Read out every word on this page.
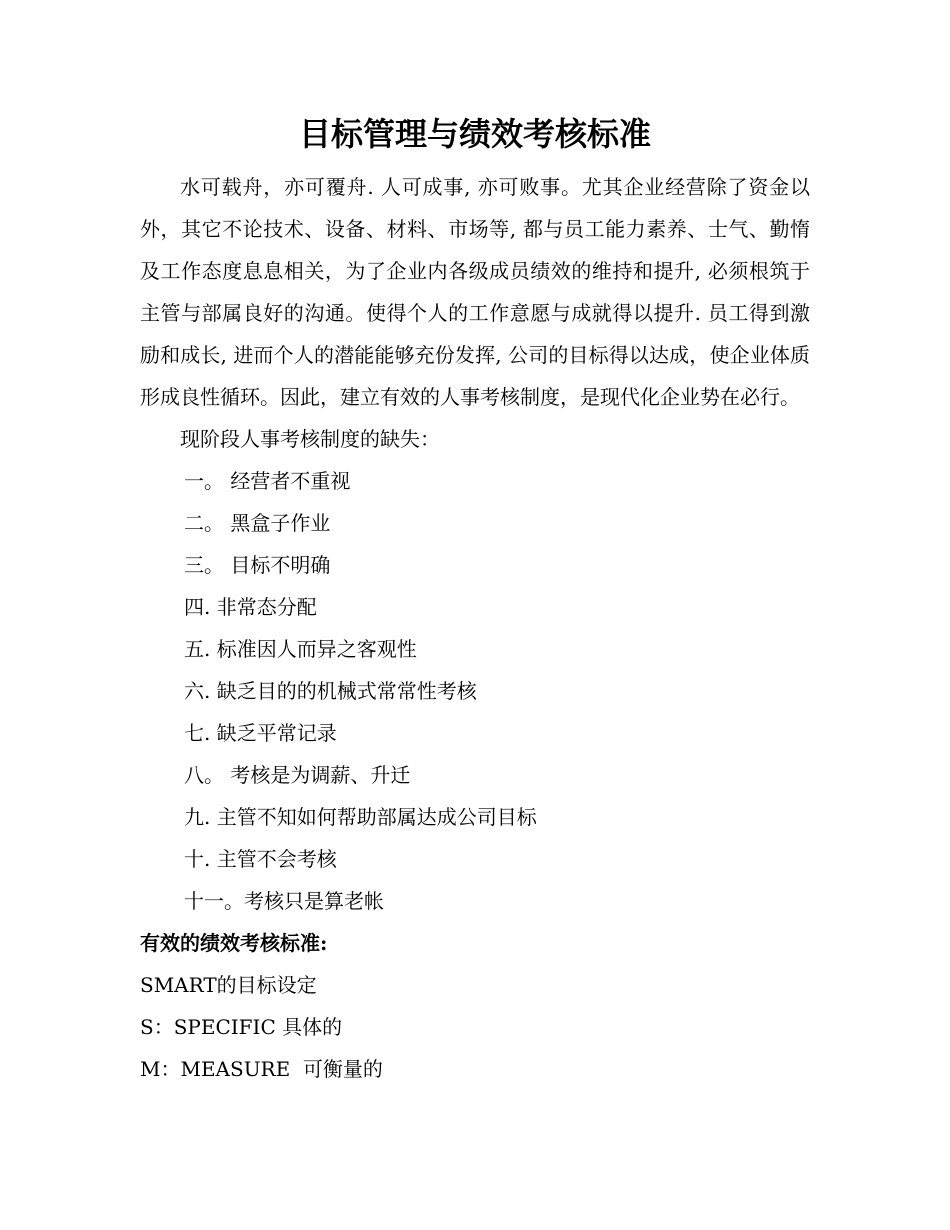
目标管理与绩效考核标准

水可载舟，亦可覆舟. 人可成事, 亦可败事。尤其企业经营除了资金以外，其它不论技术、设备、材料、市场等, 都与员工能力素养、士气、勤惰及工作态度息息相关，为了企业内各级成员绩效的维持和提升, 必须根筑于主管与部属良好的沟通。使得个人的工作意愿与成就得以提升. 员工得到激励和成长, 进而个人的潜能能够充份发挥, 公司的目标得以达成，使企业体质形成良性循环。因此，建立有效的人事考核制度，是现代化企业势在必行。

现阶段人事考核制度的缺失：

一。 经营者不重视

二。 黑盒子作业

三。 目标不明确

四. 非常态分配

五. 标准因人而异之客观性

六. 缺乏目的的机械式常常性考核

七. 缺乏平常记录

八。 考核是为调薪、升迁

九. 主管不知如何帮助部属达成公司目标

十. 主管不会考核

十一。考核只是算老帐

有效的绩效考核标准:

SMART的目标设定

S：SPECIFIC 具体的

M：MEASURE  可衡量的
